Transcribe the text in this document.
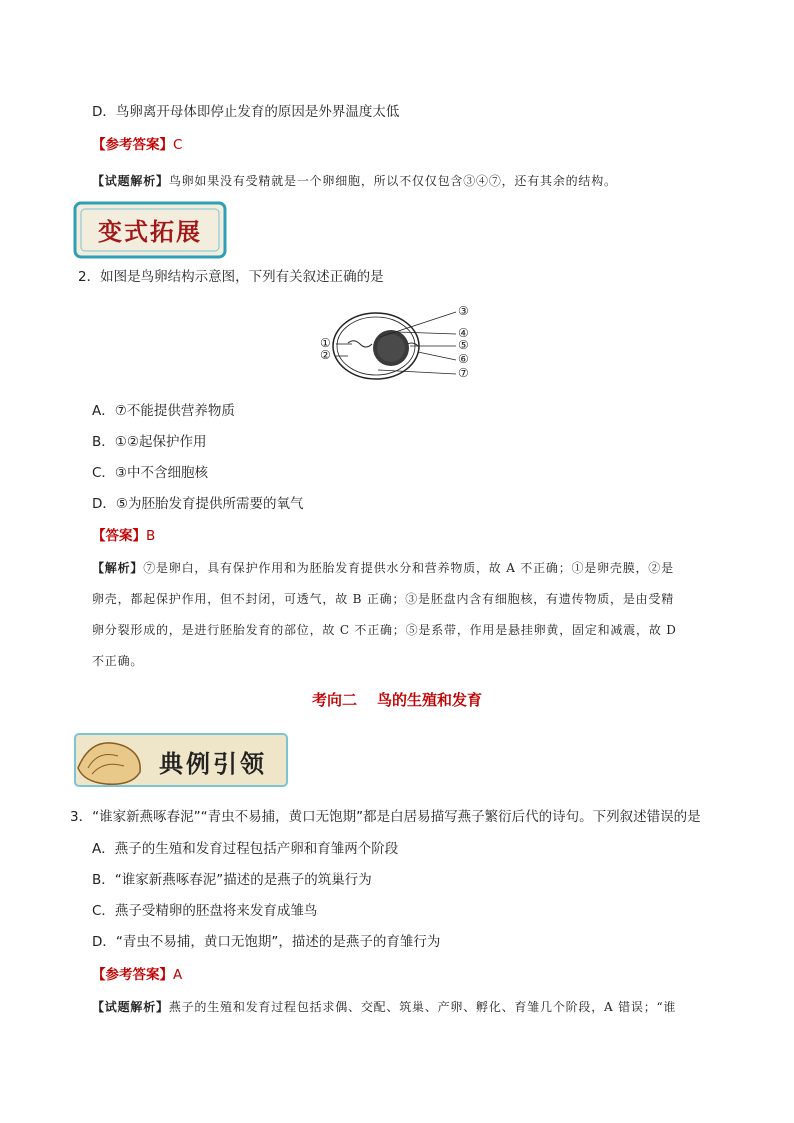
D．鸟卵离开母体即停止发育的原因是外界温度太低
【参考答案】C
【试题解析】鸟卵如果没有受精就是一个卵细胞，所以不仅仅包含③④⑦，还有其余的结构。
变式拓展
2．如图是鸟卵结构示意图，下列有关叙述正确的是
①
②
③
④
⑤
⑥
⑦
A．⑦不能提供营养物质
B．①②起保护作用
C．③中不含细胞核
D．⑤为胚胎发育提供所需要的氧气
【答案】B
【解析】⑦是卵白，具有保护作用和为胚胎发育提供水分和营养物质，故 A 不正确；①是卵壳膜，②是
卵壳，都起保护作用，但不封闭，可透气，故 B 正确；③是胚盘内含有细胞核，有遗传物质，是由受精
卵分裂形成的，是进行胚胎发育的部位，故 C 不正确；⑤是系带，作用是悬挂卵黄，固定和减震，故 D
不正确。
考向二 鸟的生殖和发育
典例引领
3．“谁家新燕啄春泥”“青虫不易捕，黄口无饱期”都是白居易描写燕子繁衍后代的诗句。下列叙述错误的是
A．燕子的生殖和发育过程包括产卵和育雏两个阶段
B．“谁家新燕啄春泥”描述的是燕子的筑巢行为
C．燕子受精卵的胚盘将来发育成雏鸟
D．“青虫不易捕，黄口无饱期”，描述的是燕子的育雏行为
【参考答案】A
【试题解析】燕子的生殖和发育过程包括求偶、交配、筑巢、产卵、孵化、育雏几个阶段，A 错误；“谁
